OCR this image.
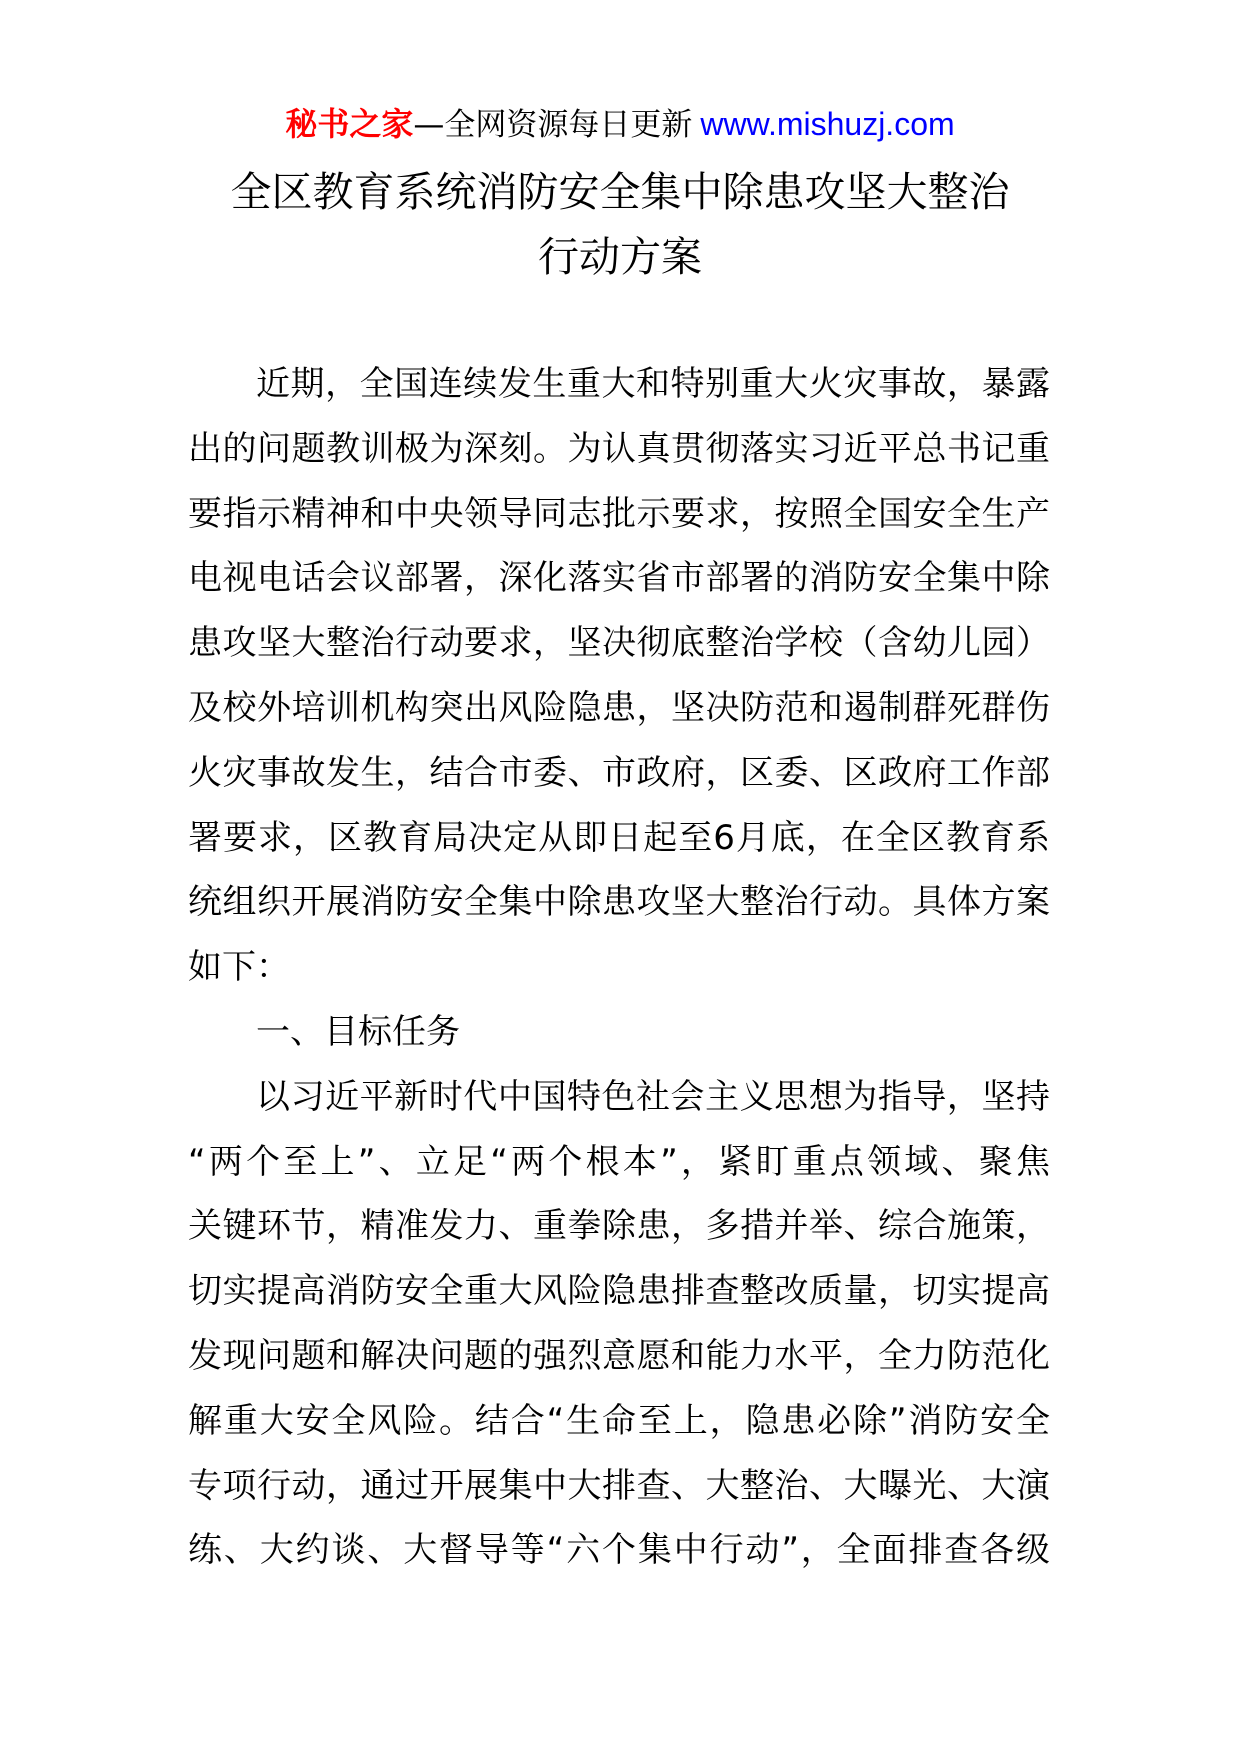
秘书之家—全网资源每日更新 www.mishuzj.com
全区教育系统消防安全集中除患攻坚大整治
行动方案
近期，全国连续发生重大和特别重大火灾事故，暴露
出的问题教训极为深刻。为认真贯彻落实习近平总书记重
要指示精神和中央领导同志批示要求，按照全国安全生产
电视电话会议部署，深化落实省市部署的消防安全集中除
患攻坚大整治行动要求，坚决彻底整治学校（含幼儿园）
及校外培训机构突出风险隐患，坚决防范和遏制群死群伤
火灾事故发生，结合市委、市政府，区委、区政府工作部
署要求，区教育局决定从即日起至6月底，在全区教育系
统组织开展消防安全集中除患攻坚大整治行动。具体方案
如下：
一、目标任务
以习近平新时代中国特色社会主义思想为指导，坚持
“两个至上”、立足“两个根本”，紧盯重点领域、聚焦
关键环节，精准发力、重拳除患，多措并举、综合施策，
切实提高消防安全重大风险隐患排查整改质量，切实提高
发现问题和解决问题的强烈意愿和能力水平，全力防范化
解重大安全风险。结合“生命至上，隐患必除”消防安全
专项行动，通过开展集中大排查、大整治、大曝光、大演
练、大约谈、大督导等“六个集中行动”，全面排查各级
